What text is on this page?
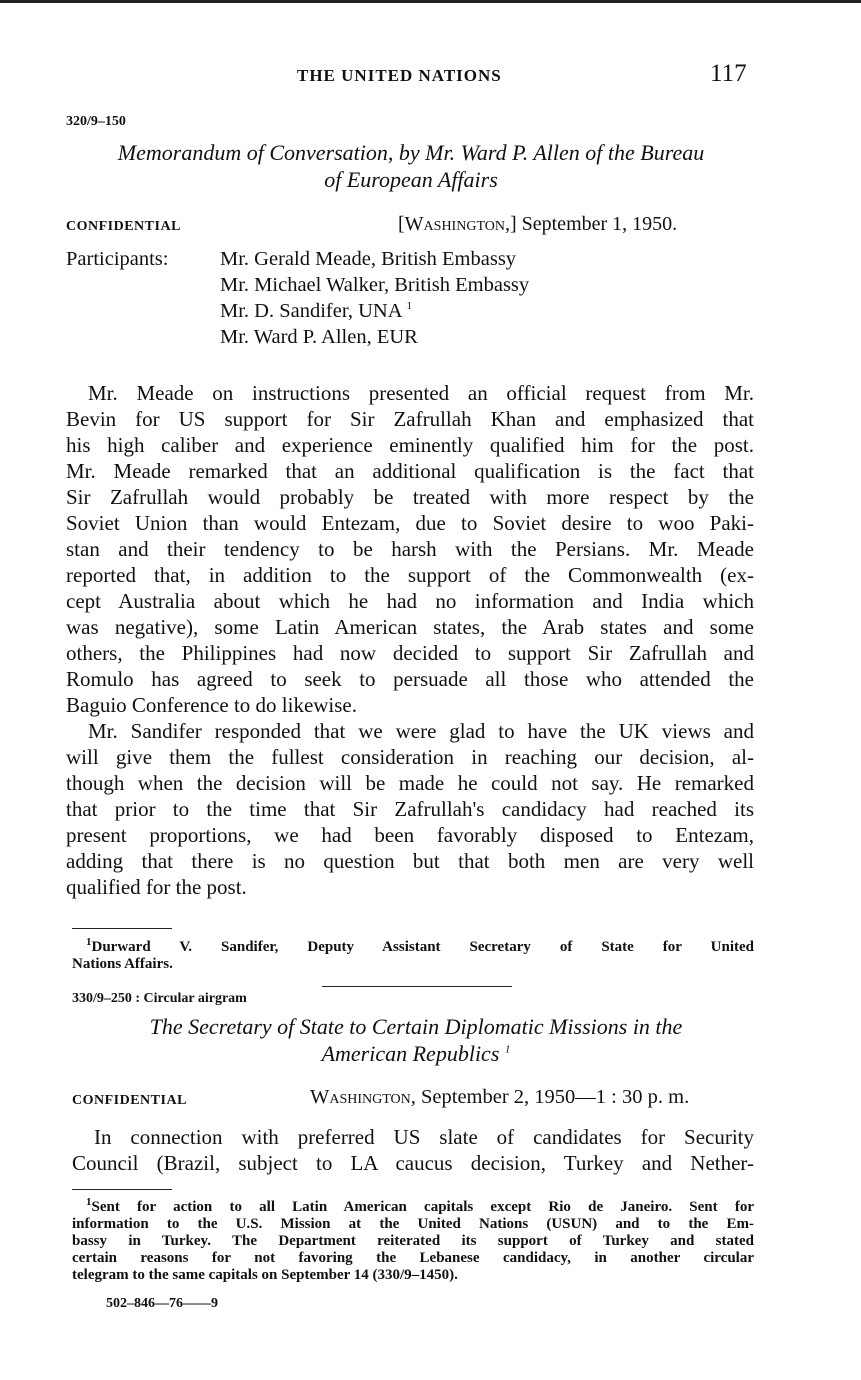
THE UNITED NATIONS	117
320/9–150
Memorandum of Conversation, by Mr. Ward P. Allen of the Bureau
of European Affairs
CONFIDENTIAL	[Washington,] September 1, 1950.
Participants:	Mr. Gerald Meade, British Embassy
Mr. Michael Walker, British Embassy
Mr. D. Sandifer, UNA $^1$
Mr. Ward P. Allen, EUR
Mr. Meade on instructions presented an official request from Mr.
Bevin for US support for Sir Zafrullah Khan and emphasized that
his high caliber and experience eminently qualified him for the post.
Mr. Meade remarked that an additional qualification is the fact that
Sir Zafrullah would probably be treated with more respect by the
Soviet Union than would Entezam, due to Soviet desire to woo Paki-
stan and their tendency to be harsh with the Persians. Mr. Meade
reported that, in addition to the support of the Commonwealth (ex-
cept Australia about which he had no information and India which
was negative), some Latin American states, the Arab states and some
others, the Philippines had now decided to support Sir Zafrullah and
Romulo has agreed to seek to persuade all those who attended the
Baguio Conference to do likewise.
Mr. Sandifer responded that we were glad to have the UK views and
will give them the fullest consideration in reaching our decision, al-
though when the decision will be made he could not say. He remarked
that prior to the time that Sir Zafrullah's candidacy had reached its
present proportions, we had been favorably disposed to Entezam,
adding that there is no question but that both men are very well
qualified for the post.
$^1$Durward V. Sandifer, Deputy Assistant Secretary of State for United
Nations Affairs.
330/9–250 : Circular airgram
The Secretary of State to Certain Diplomatic Missions in the
American Republics $^1$
CONFIDENTIAL	Washington, September 2, 1950—1 : 30 p. m.
In connection with preferred US slate of candidates for Security
Council (Brazil, subject to LA caucus decision, Turkey and Nether-
$^1$Sent for action to all Latin American capitals except Rio de Janeiro. Sent for
information to the U.S. Mission at the United Nations (USUN) and to the Em-
bassy in Turkey. The Department reiterated its support of Turkey and stated
certain reasons for not favoring the Lebanese candidacy, in another circular
telegram to the same capitals on September 14 (330/9–1450).
502–846—76——9
